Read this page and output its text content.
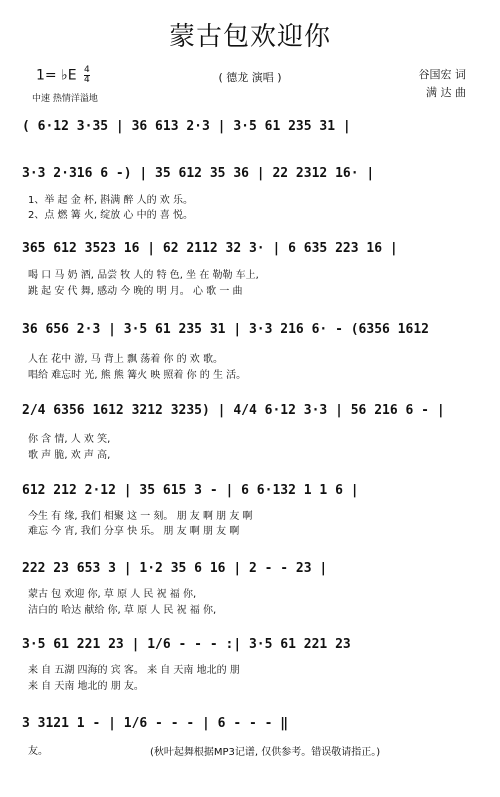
蒙古包欢迎你
( 德龙 演唱 )	谷国宏 词
满 达 曲
1= ♭E $\frac{4}{4}$
中速 热情洋溢地
( 6·12 3·35 | 36 613 2·3 | 3·5 61 235 31 |
3·3 2·316 6 -) | 35 612 35 36 | 22 2312 16· |
1、举 起 金 杯, 斟满 醉 人的 欢 乐。
2、点 燃 篝 火, 绽放 心 中的 喜 悦。
365 612 3523 16 | 62 2112 32 3· | 6 635 223 16 |
喝 口 马 奶 酒, 品尝 牧 人的 特 色, 坐 在 勒勒 车上,
跳 起 安 代 舞, 感动 今 晚的 明 月。 心 歌 一 曲
36 656 2·3 | 3·5 61 235 31 | 3·3 216 6· - (6356 1612
人在 花中 游, 马 背上 飘 荡着 你 的 欢 歌。
唱给 难忘时 光, 熊 熊 篝火 映 照着 你 的 生 活。
2/4 6356 1612 3212 3235) | 4/4 6·12 3·3 | 56 216 6 - |
你 含 情, 人 欢 笑,
歌 声 脆, 欢 声 高,
612 212 2·12 | 35 615 3 - | 6 6·132 1 1 6 |
今生 有 缘, 我们 相聚 这 一 刻。 朋 友 啊 朋 友 啊
难忘 今 宵, 我们 分享 快 乐。 朋 友 啊 朋 友 啊
222 23 653 3 | 1·2 35 6 16 | 2 - - 23 |
蒙古 包 欢迎 你, 草 原 人 民 祝 福 你,
洁白的 哈达 献给 你, 草 原 人 民 祝 福 你,
3·5 61 221 23 | 1/6 - - - :| 3·5 61 221 23
来 自 五湖 四海的 宾 客。 来 自 天南 地北的 朋
来 自 天南 地北的 朋 友。
3 3121 1 - | 1/6 - - - | 6 - - - ‖
友。	(秋叶起舞根据MP3记谱, 仅供参考。错误敬请指正。)
